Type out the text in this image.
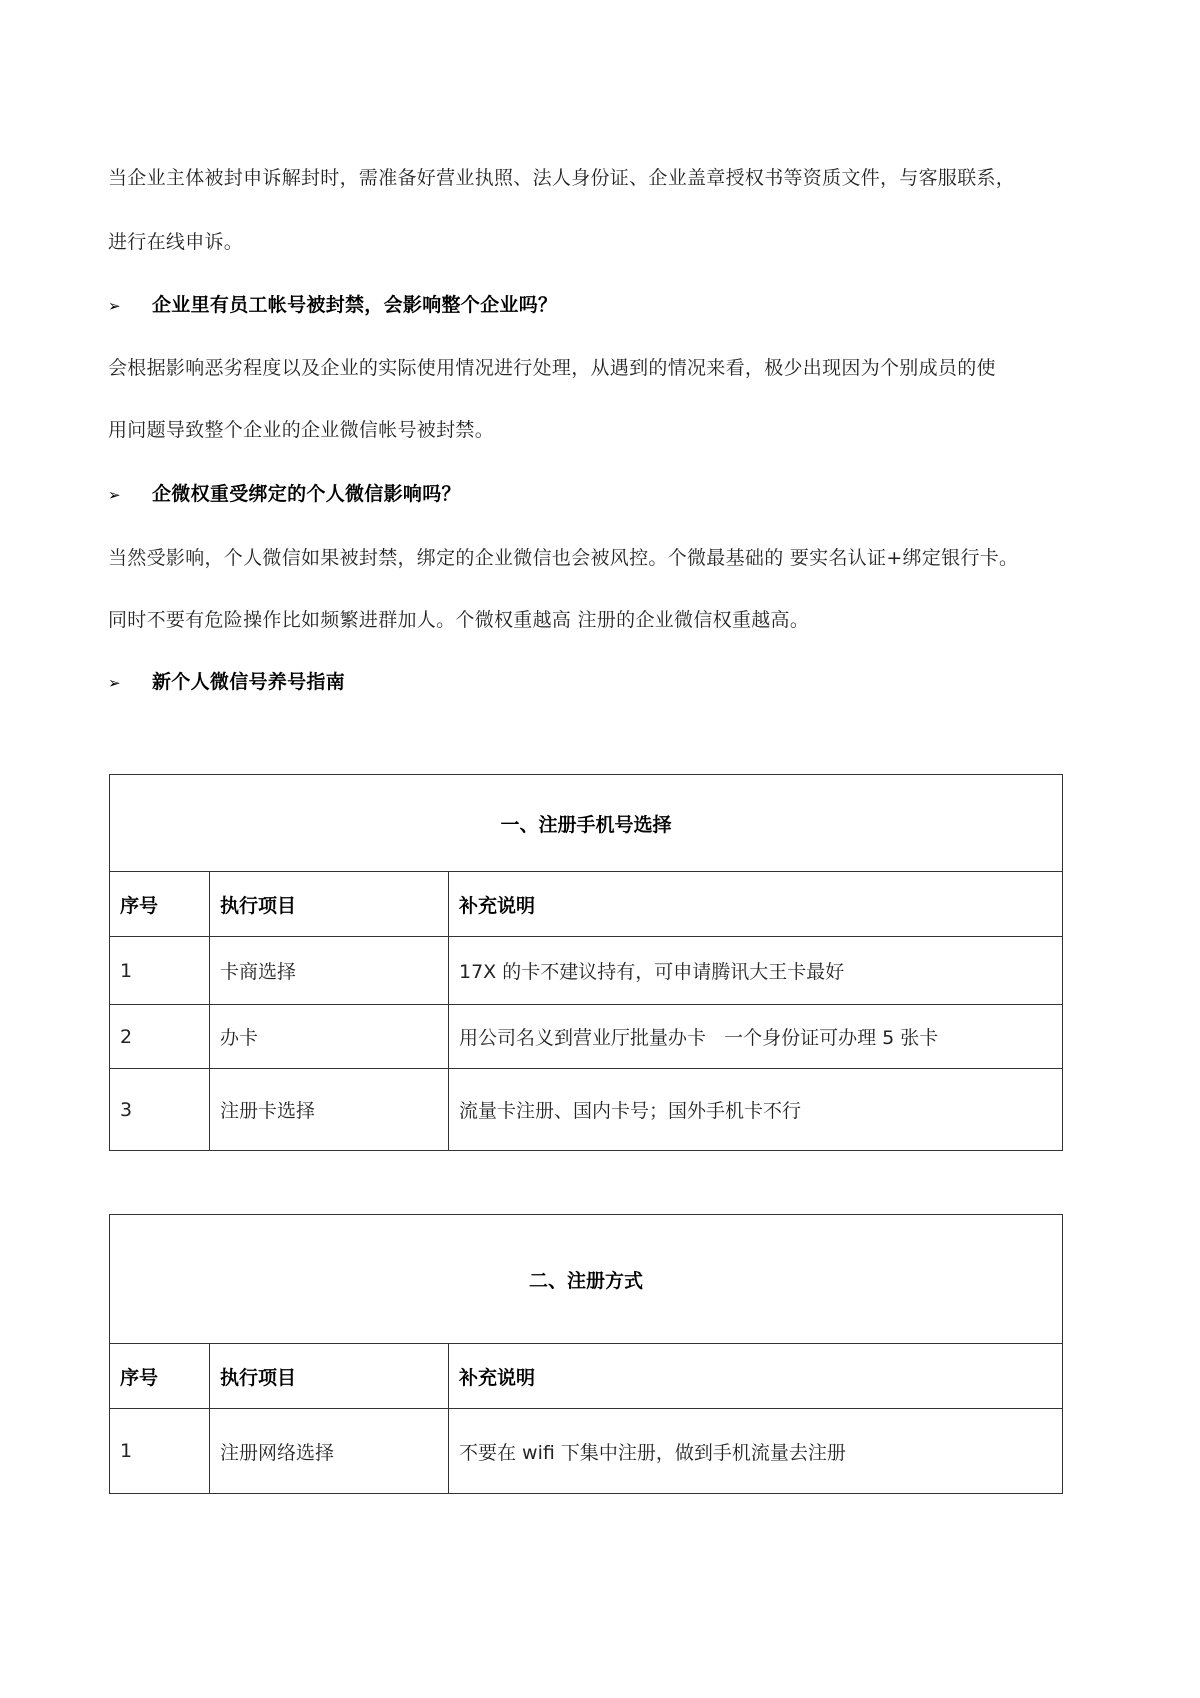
当企业主体被封申诉解封时，需准备好营业执照、法人身份证、企业盖章授权书等资质文件，与客服联系，
进行在线申诉。
➢ 企业里有员工帐号被封禁，会影响整个企业吗？
会根据影响恶劣程度以及企业的实际使用情况进行处理，从遇到的情况来看，极少出现因为个别成员的使
用问题导致整个企业的企业微信帐号被封禁。
➢ 企微权重受绑定的个人微信影响吗？
当然受影响，个人微信如果被封禁，绑定的企业微信也会被风控。个微最基础的 要实名认证+绑定银行卡。
同时不要有危险操作比如频繁进群加人。个微权重越高 注册的企业微信权重越高。
➢ 新个人微信号养号指南
一、注册手机号选择		
序号	执行项目	补充说明
1	卡商选择	17X 的卡不建议持有，可申请腾讯大王卡最好
2	办卡	用公司名义到营业厅批量办卡   一个身份证可办理 5 张卡
3	注册卡选择	流量卡注册、国内卡号；国外手机卡不行
二、注册方式		
序号	执行项目	补充说明
1	注册网络选择	不要在 wifi 下集中注册，做到手机流量去注册
